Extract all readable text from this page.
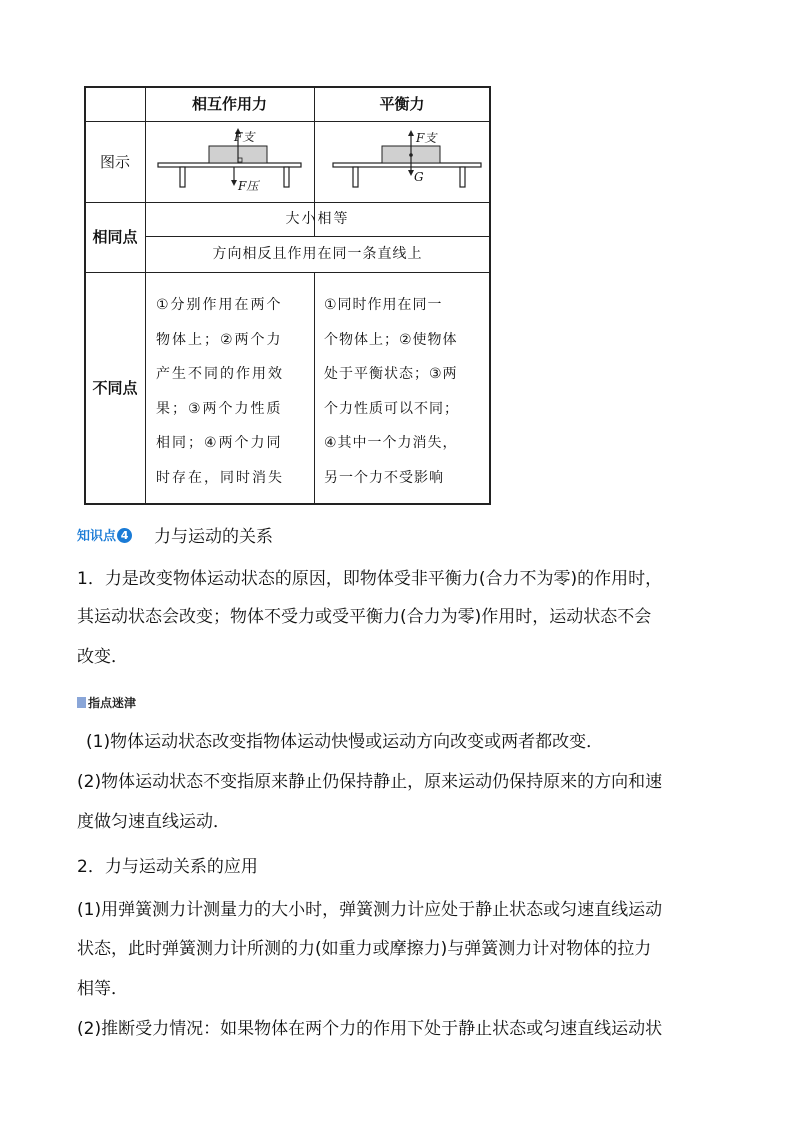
相互作用力	平衡力
图示
相同点
不同点
大小相等
方向相反且作用在同一条直线上
①分别作用在两个
物体上；②两个力
产生不同的作用效
果；③两个力性质
相同；④两个力同
时存在，同时消失
①同时作用在同一
个物体上；②使物体
处于平衡状态；③两
个力性质可以不同；
④其中一个力消失，
另一个力不受影响
F支
F压
F支
G
知识点 4 力与运动的关系
1．力是改变物体运动状态的原因，即物体受非平衡力(合力不为零)的作用时，
其运动状态会改变；物体不受力或受平衡力(合力为零)作用时，运动状态不会
改变．
指点迷津
(1)物体运动状态改变指物体运动快慢或运动方向改变或两者都改变．
(2)物体运动状态不变指原来静止仍保持静止，原来运动仍保持原来的方向和速
度做匀速直线运动．
2．力与运动关系的应用
(1)用弹簧测力计测量力的大小时，弹簧测力计应处于静止状态或匀速直线运动
状态，此时弹簧测力计所测的力(如重力或摩擦力)与弹簧测力计对物体的拉力
相等．
(2)推断受力情况：如果物体在两个力的作用下处于静止状态或匀速直线运动状
